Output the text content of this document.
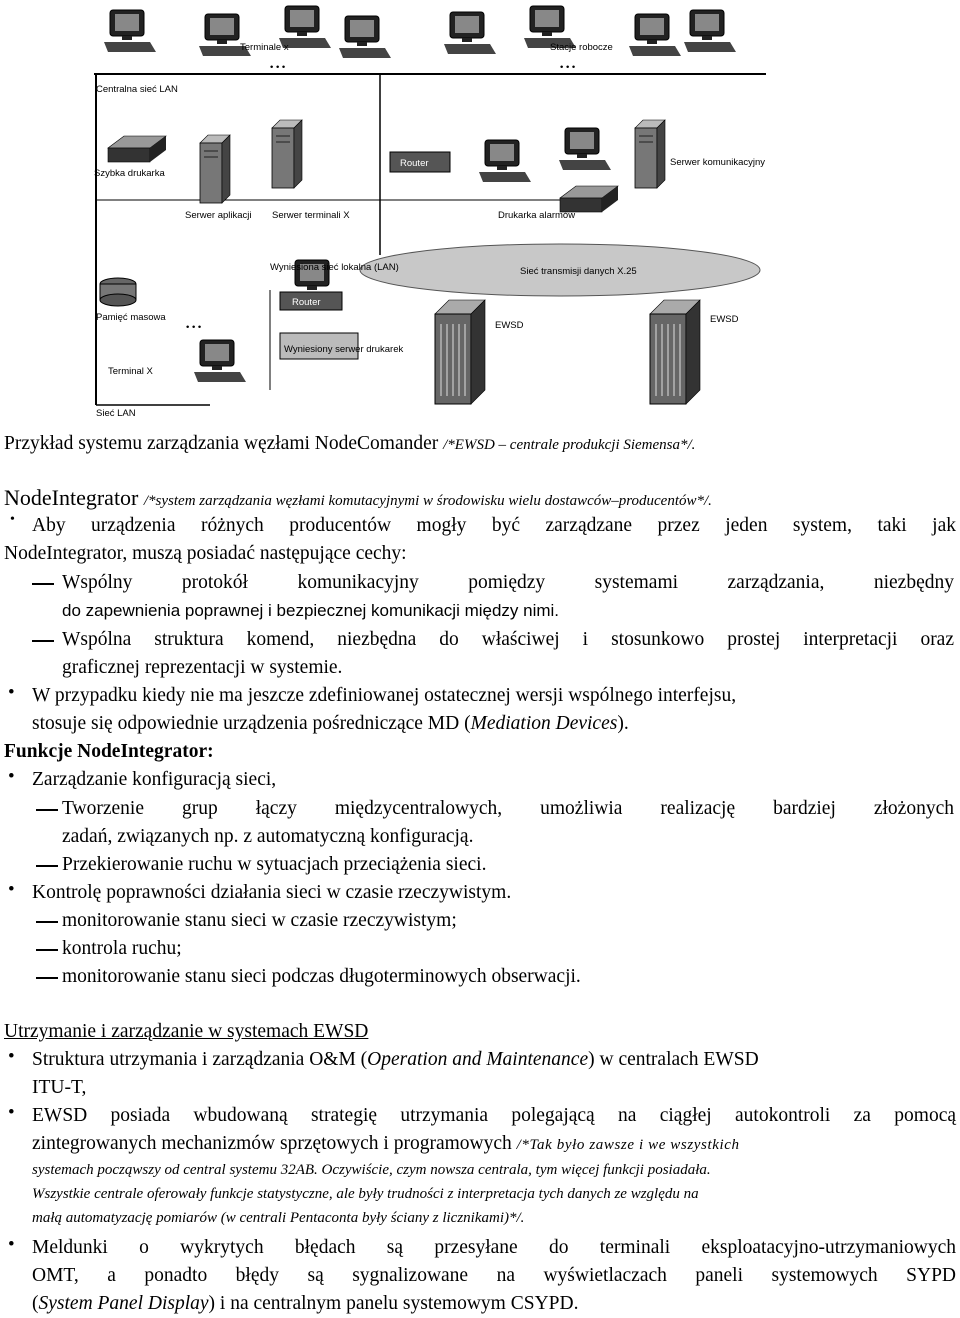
Terminale x
• • •
Stacje robocze
• • •
Centralna sieć LAN
Szybka drukarka
Drukarka alarmów
Router
Serwer aplikacji Serwer terminali X
Serwer komunikacyjny
Sieć transmisji danych X.25
Wyniesiona sieć lokalna (LAN)
Router
Wyniesiony serwer drukarek
Pamięć masowa
• • •	EWSD
EWSD
Terminal X
Sieć LAN
Przykład systemu zarządzania węzłami NodeComander /*EWSD – centrale produkcji Siemensa*/.
NodeIntegrator /*system zarządzania węzłami komutacyjnymi w środowisku wielu dostawców–producentów*/.
• Aby urządzenia różnych producentów mogły być zarządzane przez jeden system, taki jak
NodeIntegrator, muszą posiadać następujące cechy:
Wspólny protokół komunikacyjny pomiędzy systemami zarządzania, niezbędny
do zapewnienia poprawnej i bezpiecznej komunikacji między nimi.
Wspólna struktura komend, niezbędna do właściwej i stosunkowo prostej interpretacji oraz
graficznej reprezentacji w systemie.
• W przypadku kiedy nie ma jeszcze zdefiniowanej ostatecznej wersji wspólnego interfejsu,
stosuje się odpowiednie urządzenia pośredniczące MD (Mediation Devices).
Funkcje NodeIntegrator:
• Zarządzanie konfiguracją sieci,
Tworzenie grup łączy międzycentralowych, umożliwia realizację bardziej złożonych
zadań, związanych np. z automatyczną konfiguracją.
Przekierowanie ruchu w sytuacjach przeciążenia sieci.
• Kontrolę poprawności działania sieci w czasie rzeczywistym.
monitorowanie stanu sieci w czasie rzeczywistym;
kontrola ruchu;
monitorowanie stanu sieci podczas długoterminowych obserwacji.
Utrzymanie i zarządzanie w systemach EWSD
• Struktura utrzymania i zarządzania O&M (Operation and Maintenance) w centralach EWSD
ITU-T,
• EWSD posiada wbudowaną strategię utrzymania polegającą na ciągłej autokontroli za pomocą
zintegrowanych mechanizmów sprzętowych i programowych /*Tak było zawsze i we wszystkich
systemach począwszy od central systemu 32AB. Oczywiście, czym nowsza centrala, tym więcej funkcji posiadała.
Wszystkie centrale oferowały funkcje statystyczne, ale były trudności z interpretacja tych danych ze względu na
małą automatyzację pomiarów (w centrali Pentaconta były ściany z licznikami)*/.
• Meldunki o wykrytych błędach są przesyłane do terminali eksploatacyjno-utrzymaniowych
OMT, a ponadto błędy są sygnalizowane na wyświetlaczach paneli systemowych SYPD
(System Panel Display) i na centralnym panelu systemowym CSYPD.
